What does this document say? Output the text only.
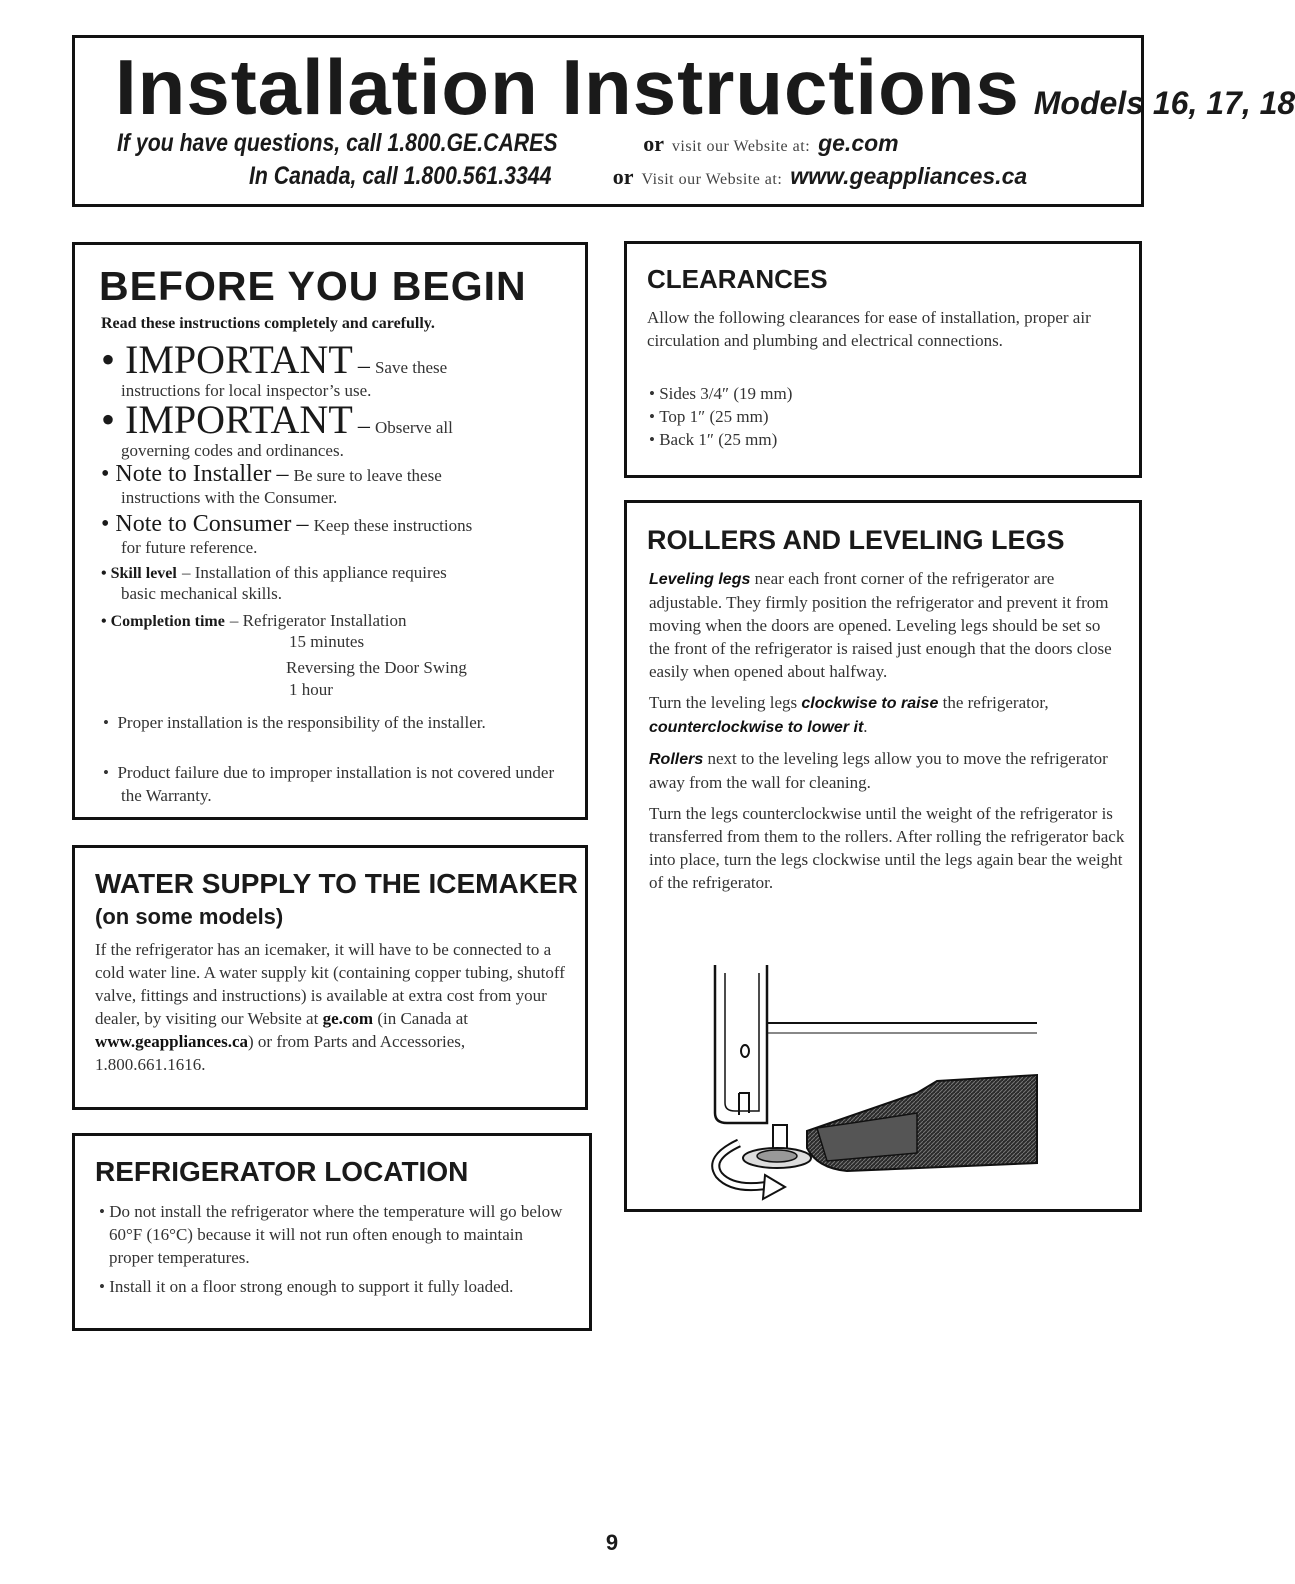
Installation Instructions Models 16, 17, 18
If you have questions, call 1.800.GE.CARES	or visit our Website at: ge.com
In Canada, call 1.800.561.3344	or Visit our Website at: www.geappliances.ca
BEFORE YOU BEGIN
Read these instructions completely and carefully.
• IMPORTANT – Save these
instructions for local inspector’s use.
• IMPORTANT – Observe all
governing codes and ordinances.
• Note to Installer – Be sure to leave these
instructions with the Consumer.
• Note to Consumer – Keep these instructions
for future reference.
• Skill level – Installation of this appliance requires
basic mechanical skills.
• Completion time – Refrigerator Installation
15 minutes
Reversing the Door Swing
1 hour
•  Proper installation is the responsibility of the installer.
•  Product failure due to improper installation is not covered under the Warranty.
WATER SUPPLY TO THE ICEMAKER
(on some models)

If the refrigerator has an icemaker, it will have to be connected to a cold water line. A water supply kit (containing copper tubing, shutoff valve, fittings and instructions) is available at extra cost from your dealer, by visiting our Website at ge.com (in Canada at www.geappliances.ca) or from Parts and Accessories, 1.800.661.1616.

REFRIGERATOR LOCATION
• Do not install the refrigerator where the temperature will go below 60°F (16°C) because it will not run often enough to maintain proper temperatures.
• Install it on a floor strong enough to support it fully loaded.
CLEARANCES

Allow the following clearances for ease of installation, proper air circulation and plumbing and electrical connections.

• Sides 3/4″ (19 mm)
• Top 1″ (25 mm)
• Back 1″ (25 mm)
ROLLERS AND LEVELING LEGS

Leveling legs near each front corner of the refrigerator are adjustable. They firmly position the refrigerator and prevent it from moving when the doors are opened. Leveling legs should be set so the front of the refrigerator is raised just enough that the doors close easily when opened about halfway.

Turn the leveling legs clockwise to raise the refrigerator, counterclockwise to lower it.

Rollers next to the leveling legs allow you to move the refrigerator away from the wall for cleaning.

Turn the legs counterclockwise until the weight of the refrigerator is transferred from them to the rollers. After rolling the refrigerator back into place, turn the legs clockwise until the legs again bear the weight of the refrigerator.

9
